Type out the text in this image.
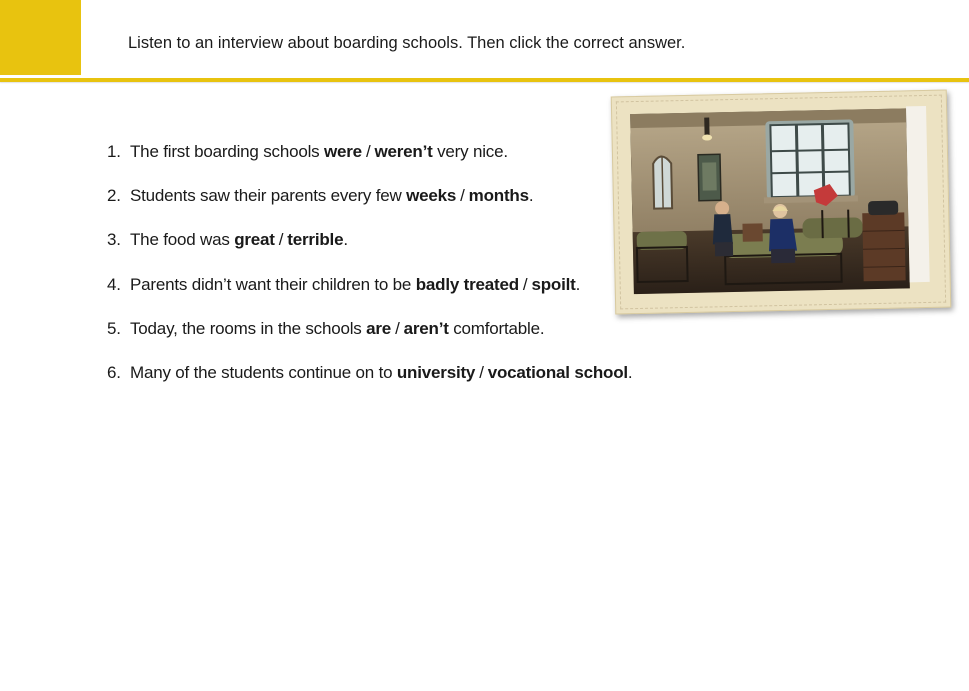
Listen to an interview about boarding schools. Then click the correct answer.
1. The first boarding schools were / weren’t very nice.
2. Students saw their parents every few weeks / months.
3. The food was great / terrible.
4. Parents didn’t want their children to be badly treated / spoilt.
5. Today, the rooms in the schools are / aren’t comfortable.
6. Many of the students continue on to university / vocational school.
